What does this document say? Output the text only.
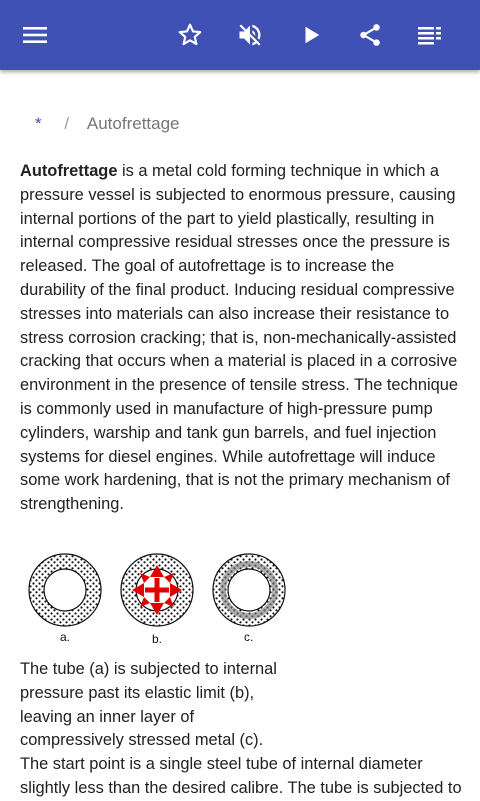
* / Autofrettage
Autofrettage is a metal cold forming technique in which a pressure vessel is subjected to enormous pressure, causing internal portions of the part to yield plastically, resulting in internal compressive residual stresses once the pressure is released. The goal of autofrettage is to increase the durability of the final product. Inducing residual compressive stresses into materials can also increase their resistance to stress corrosion cracking; that is, non-mechanically-assisted cracking that occurs when a material is placed in a corrosive environment in the presence of tensile stress. The technique is commonly used in manufacture of high-pressure pump cylinders, warship and tank gun barrels, and fuel injection systems for diesel engines. While autofrettage will induce some work hardening, that is not the primary mechanism of strengthening.
a.	b.	c.
The tube (a) is subjected to internal pressure past its elastic limit (b), leaving an inner layer of compressively stressed metal (c).
The start point is a single steel tube of internal diameter slightly less than the desired calibre. The tube is subjected to
